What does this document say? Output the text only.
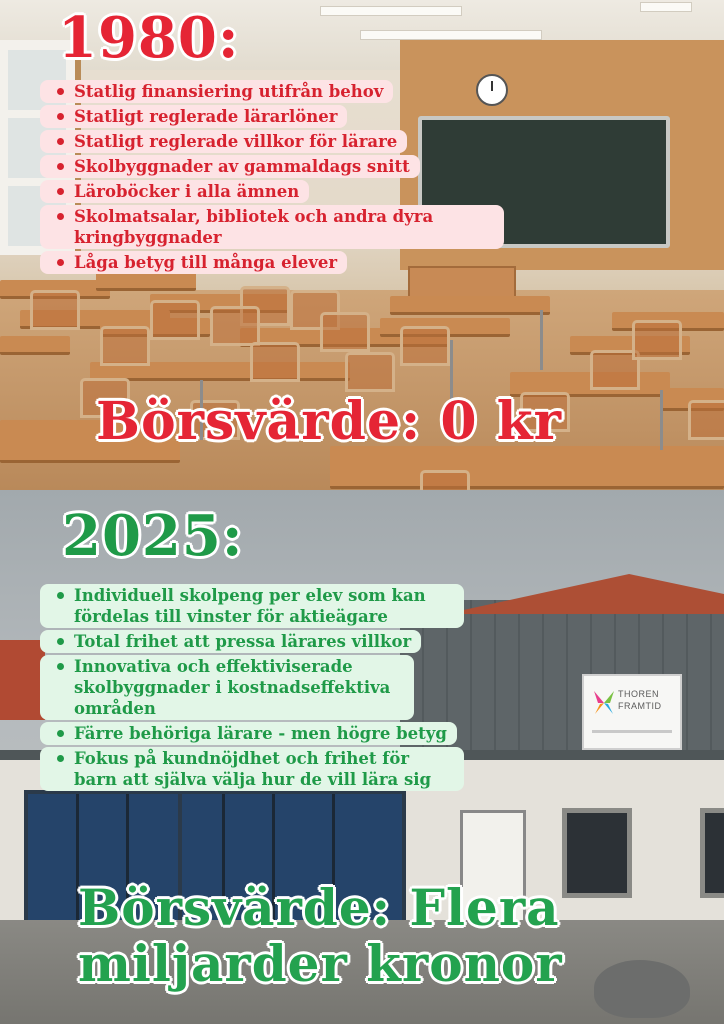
THOREN
FRAMTID
1980:
Statlig finansiering utifrån behov
Statligt reglerade lärarlöner
Statligt reglerade villkor för lärare
Skolbyggnader av gammaldags snitt
Läroböcker i alla ämnen
Skolmatsalar, bibliotek och andra dyra kringbyggnader
Låga betyg till många elever
Börsvärde: 0 kr
2025:
Individuell skolpeng per elev som kan fördelas till vinster för aktieägare
Total frihet att pressa lärares villkor
Innovativa och effektiviserade skolbyggnader i kostnadseffektiva områden
Färre behöriga lärare - men högre betyg
Fokus på kundnöjdhet och frihet för barn att själva välja hur de vill lära sig
Börsvärde: Flera
miljarder kronor
